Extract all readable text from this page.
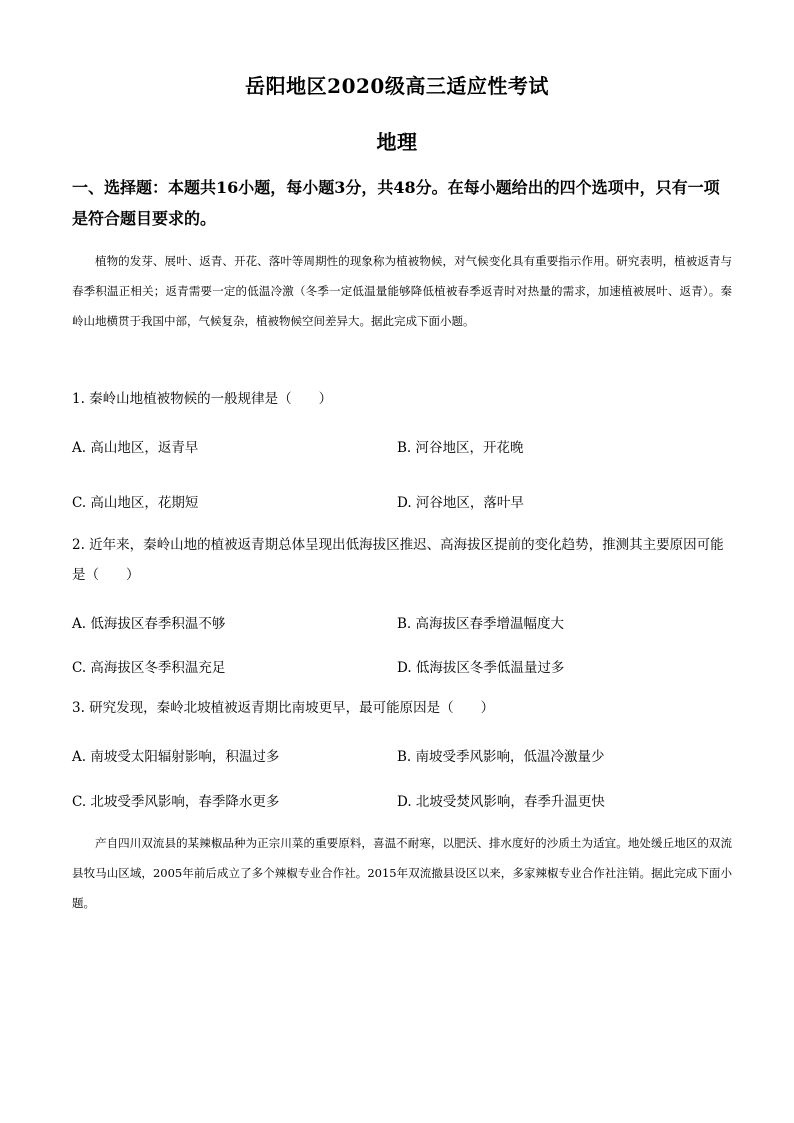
岳阳地区2020级高三适应性考试
地理
一、选择题：本题共16小题，每小题3分，共48分。在每小题给出的四个选项中，只有一项是符合题目要求的。
植物的发芽、展叶、返青、开花、落叶等周期性的现象称为植被物候，对气候变化具有重要指示作用。研究表明，植被返青与春季积温正相关；返青需要一定的低温冷激（冬季一定低温量能够降低植被春季返青时对热量的需求，加速植被展叶、返青）。秦岭山地横贯于我国中部，气候复杂，植被物候空间差异大。据此完成下面小题。
1. 秦岭山地植被物候的一般规律是（　　）
A. 高山地区，返青早	B. 河谷地区，开花晚
C. 高山地区，花期短	D. 河谷地区，落叶早
2. 近年来，秦岭山地的植被返青期总体呈现出低海拔区推迟、高海拔区提前的变化趋势，推测其主要原因可能是（　　）
A. 低海拔区春季积温不够	B. 高海拔区春季增温幅度大
C. 高海拔区冬季积温充足	D. 低海拔区冬季低温量过多
3. 研究发现，秦岭北坡植被返青期比南坡更早，最可能原因是（　　）
A. 南坡受太阳辐射影响，积温过多	B. 南坡受季风影响，低温冷激量少
C. 北坡受季风影响，春季降水更多	D. 北坡受焚风影响，春季升温更快
产自四川双流县的某辣椒品种为正宗川菜的重要原料，喜温不耐寒，以肥沃、排水度好的沙质土为适宜。地处缓丘地区的双流县牧马山区域，2005年前后成立了多个辣椒专业合作社。2015年双流撤县设区以来，多家辣椒专业合作社注销。据此完成下面小题。
